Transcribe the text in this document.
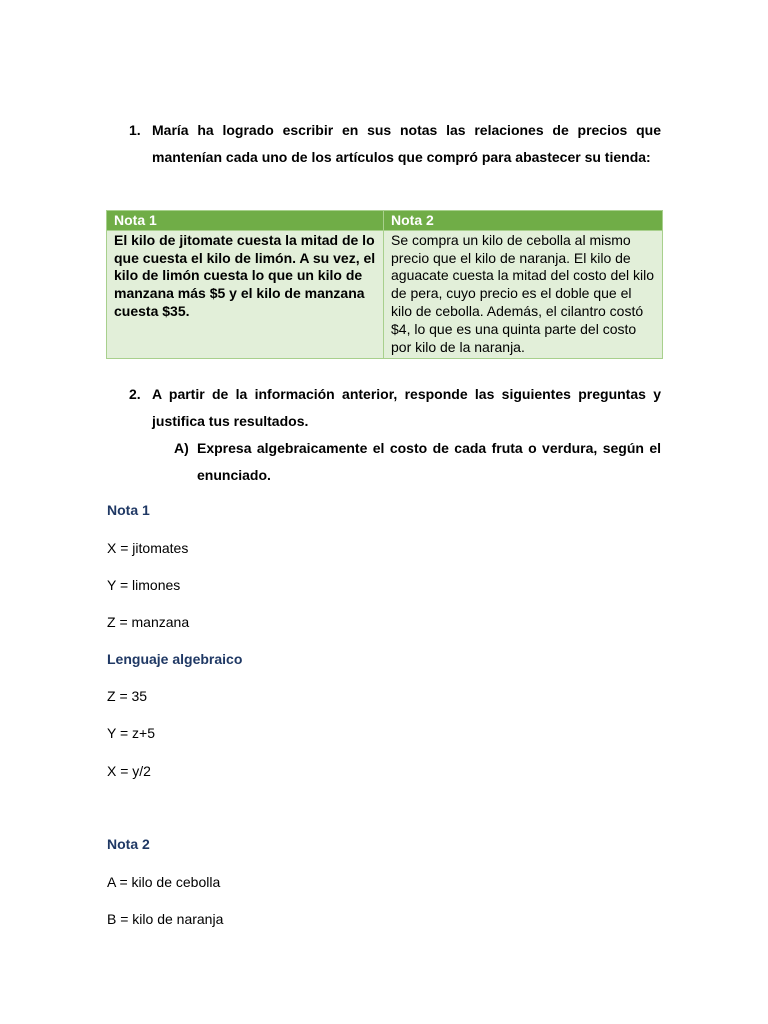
1. María ha logrado escribir en sus notas las relaciones de precios que mantenían cada uno de los artículos que compró para abastecer su tienda:
Nota 1	Nota 2
El kilo de jitomate cuesta la mitad de lo que cuesta el kilo de limón. A su vez, el kilo de limón cuesta lo que un kilo de manzana más $5 y el kilo de manzana cuesta $35.	Se compra un kilo de cebolla al mismo precio que el kilo de naranja. El kilo de aguacate cuesta la mitad del costo del kilo de pera, cuyo precio es el doble que el kilo de cebolla. Además, el cilantro costó $4, lo que es una quinta parte del costo por kilo de la naranja.
2. A partir de la información anterior, responde las siguientes preguntas y justifica tus resultados.
A) Expresa algebraicamente el costo de cada fruta o verdura, según el enunciado.
Nota 1
X = jitomates
Y = limones
Z = manzana
Lenguaje algebraico
Z = 35
Y = z+5
X = y/2
Nota 2
A = kilo de cebolla
B = kilo de naranja
